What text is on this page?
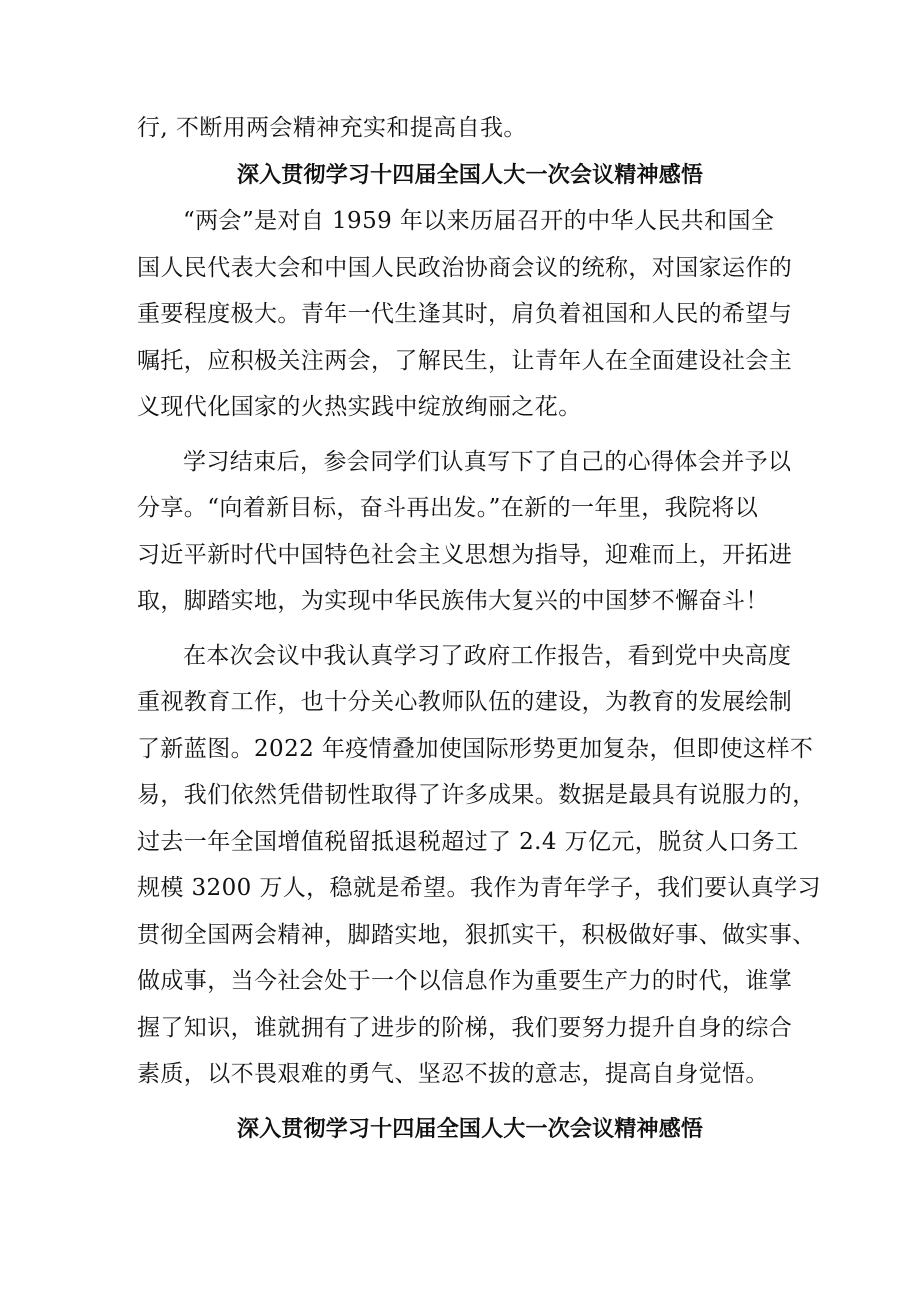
行, 不断用两会精神充实和提高自我。
深入贯彻学习十四届全国人大一次会议精神感悟
“两会”是对自 1959 年以来历届召开的中华人民共和国全
国人民代表大会和中国人民政治协商会议的统称，对国家运作的
重要程度极大。青年一代生逢其时，肩负着祖国和人民的希望与
嘱托，应积极关注两会，了解民生，让青年人在全面建设社会主
义现代化国家的火热实践中绽放绚丽之花。
学习结束后，参会同学们认真写下了自己的心得体会并予以
分享。“向着新目标，奋斗再出发。”在新的一年里，我院将以
习近平新时代中国特色社会主义思想为指导，迎难而上，开拓进
取，脚踏实地，为实现中华民族伟大复兴的中国梦不懈奋斗！
在本次会议中我认真学习了政府工作报告，看到党中央高度
重视教育工作，也十分关心教师队伍的建设，为教育的发展绘制
了新蓝图。2022 年疫情叠加使国际形势更加复杂，但即使这样不
易，我们依然凭借韧性取得了许多成果。数据是最具有说服力的，
过去一年全国增值税留抵退税超过了 2.4 万亿元，脱贫人口务工
规模 3200 万人，稳就是希望。我作为青年学子，我们要认真学习
贯彻全国两会精神，脚踏实地，狠抓实干，积极做好事、做实事、
做成事，当今社会处于一个以信息作为重要生产力的时代，谁掌
握了知识，谁就拥有了进步的阶梯，我们要努力提升自身的综合
素质，以不畏艰难的勇气、坚忍不拔的意志，提高自身觉悟。
深入贯彻学习十四届全国人大一次会议精神感悟
